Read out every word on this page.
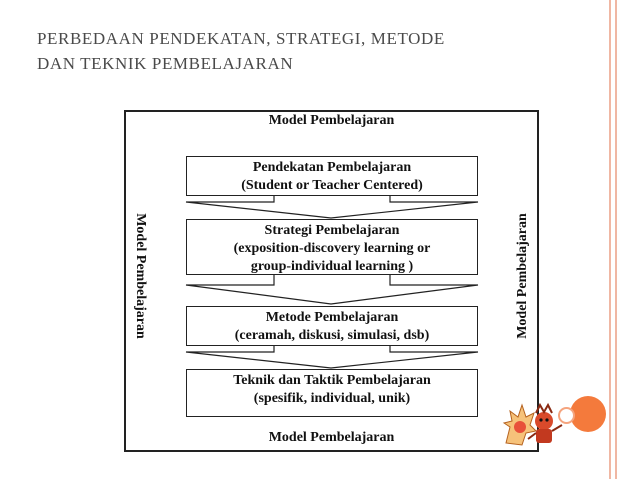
PERBEDAAN PENDEKATAN, STRATEGI, METODE
DAN TEKNIK PEMBELAJARAN
Model Pembelajaran
Model Pembelajaran
Model Pembelajaran	Model Pembelajaran
Pendekatan Pembelajaran
(Student or Teacher Centered)
Strategi Pembelajaran
(exposition-discovery learning or
group-individual learning )
Metode Pembelajaran
(ceramah, diskusi, simulasi, dsb)
Teknik dan Taktik Pembelajaran
(spesifik, individual, unik)
